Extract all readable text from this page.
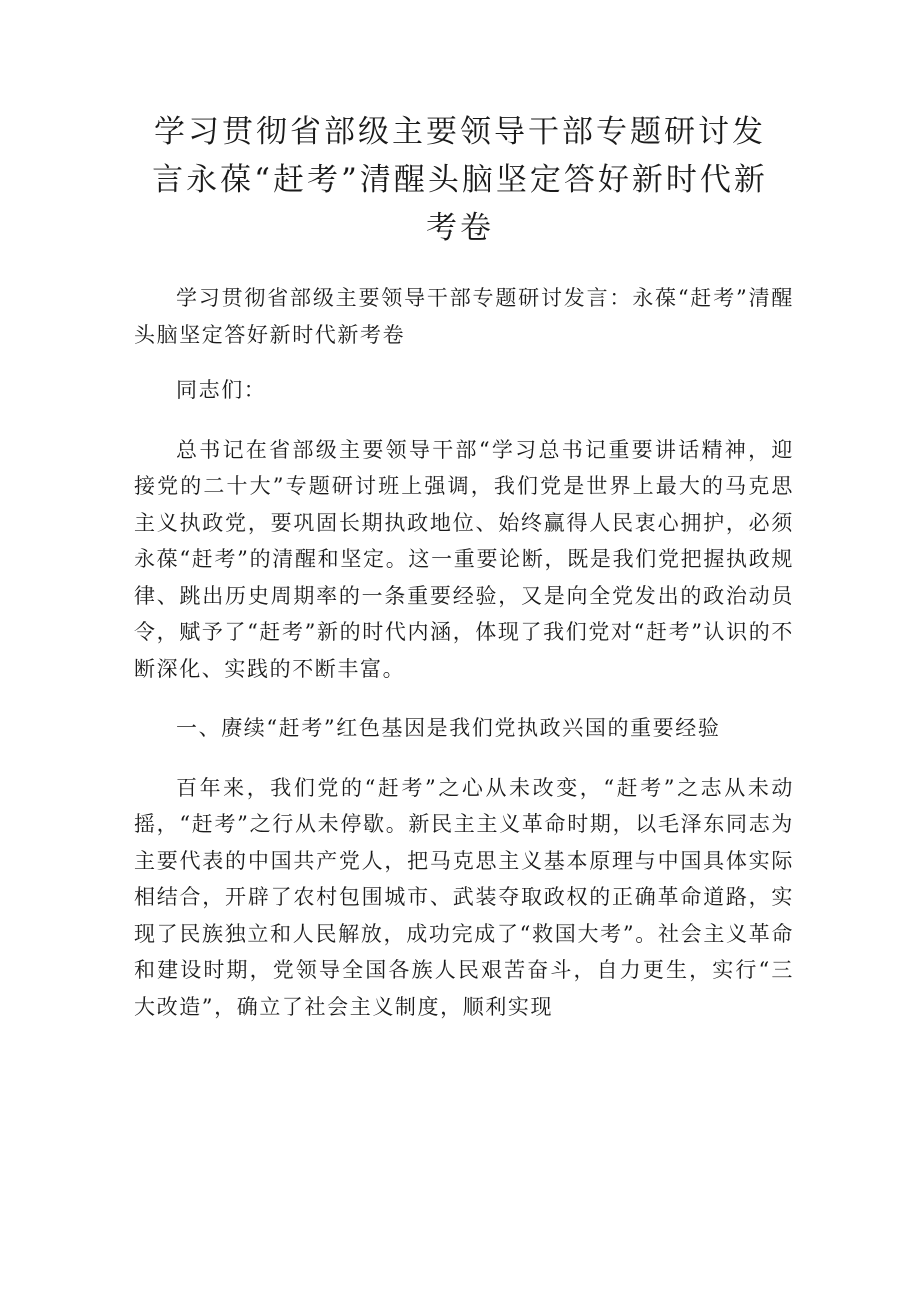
学习贯彻省部级主要领导干部专题研讨发言永葆“赶考”清醒头脑坚定答好新时代新考卷

学习贯彻省部级主要领导干部专题研讨发言：永葆“赶考”清醒头脑坚定答好新时代新考卷

同志们：

总书记在省部级主要领导干部“学习总书记重要讲话精神，迎接党的二十大”专题研讨班上强调，我们党是世界上最大的马克思主义执政党，要巩固长期执政地位、始终赢得人民衷心拥护，必须永葆“赶考”的清醒和坚定。这一重要论断，既是我们党把握执政规律、跳出历史周期率的一条重要经验，又是向全党发出的政治动员令，赋予了“赶考”新的时代内涵，体现了我们党对“赶考”认识的不断深化、实践的不断丰富。

一、赓续“赶考”红色基因是我们党执政兴国的重要经验

百年来，我们党的“赶考”之心从未改变，“赶考”之志从未动摇，“赶考”之行从未停歇。新民主主义革命时期，以毛泽东同志为主要代表的中国共产党人，把马克思主义基本原理与中国具体实际相结合，开辟了农村包围城市、武装夺取政权的正确革命道路，实现了民族独立和人民解放，成功完成了“救国大考”。社会主义革命和建设时期，党领导全国各族人民艰苦奋斗，自力更生，实行“三大改造”，确立了社会主义制度，顺利实现
